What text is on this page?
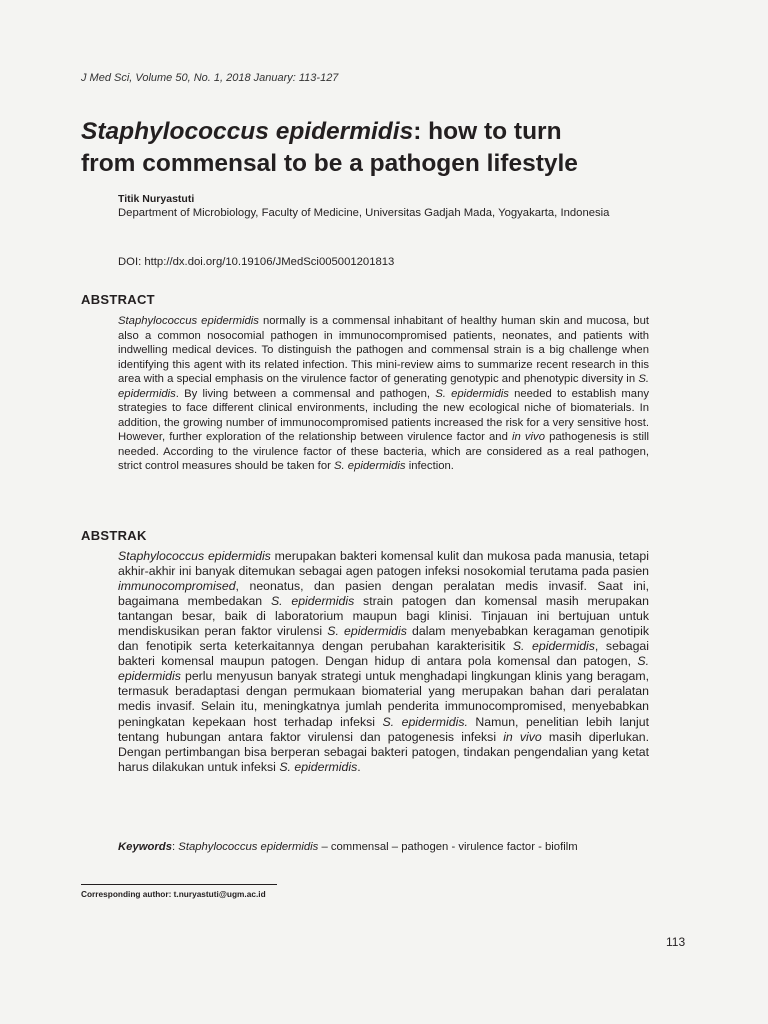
J Med Sci, Volume 50, No. 1, 2018 January: 113-127
Staphylococcus epidermidis: how to turn
from commensal to be a pathogen lifestyle
Titik Nuryastuti
Department of Microbiology, Faculty of Medicine, Universitas Gadjah Mada, Yogyakarta, Indonesia
DOI: http://dx.doi.org/10.19106/JMedSci005001201813
ABSTRACT

Staphylococcus epidermidis normally is a commensal inhabitant of healthy human skin and mucosa, but also a common nosocomial pathogen in immunocompromised patients, neonates, and patients with indwelling medical devices. To distinguish the pathogen and commensal strain is a big challenge when identifying this agent with its related infection. This mini-review aims to summarize recent research in this area with a special emphasis on the virulence factor of generating genotypic and phenotypic diversity in S. epidermidis. By living between a commensal and pathogen, S. epidermidis needed to establish many strategies to face different clinical environments, including the new ecological niche of biomaterials. In addition, the growing number of immunocompromised patients increased the risk for a very sensitive host. However, further exploration of the relationship between virulence factor and in vivo pathogenesis is still needed. According to the virulence factor of these bacteria, which are considered as a real pathogen, strict control measures should be taken for S. epidermidis infection.

ABSTRAK

Staphylococcus epidermidis merupakan bakteri komensal kulit dan mukosa pada manusia, tetapi akhir-akhir ini banyak ditemukan sebagai agen patogen infeksi nosokomial terutama pada pasien immunocompromised, neonatus, dan pasien dengan peralatan medis invasif. Saat ini, bagaimana membedakan S. epidermidis strain patogen dan komensal masih merupakan tantangan besar, baik di laboratorium maupun bagi klinisi. Tinjauan ini bertujuan untuk mendiskusikan peran faktor virulensi S. epidermidis dalam menyebabkan keragaman genotipik dan fenotipik serta keterkaitannya dengan perubahan karakterisitik S. epidermidis, sebagai bakteri komensal maupun patogen. Dengan hidup di antara pola komensal dan patogen, S. epidermidis perlu menyusun banyak strategi untuk menghadapi lingkungan klinis yang beragam, termasuk beradaptasi dengan permukaan biomaterial yang merupakan bahan dari peralatan medis invasif. Selain itu, meningkatnya jumlah penderita immunocompromised, menyebabkan peningkatan kepekaan host terhadap infeksi S. epidermidis. Namun, penelitian lebih lanjut tentang hubungan antara faktor virulensi dan patogenesis infeksi in vivo masih diperlukan. Dengan pertimbangan bisa berperan sebagai bakteri patogen, tindakan pengendalian yang ketat harus dilakukan untuk infeksi S. epidermidis.

Keywords: Staphylococcus epidermidis – commensal – pathogen - virulence factor - biofilm

Corresponding author: t.nuryastuti@ugm.ac.id
113
